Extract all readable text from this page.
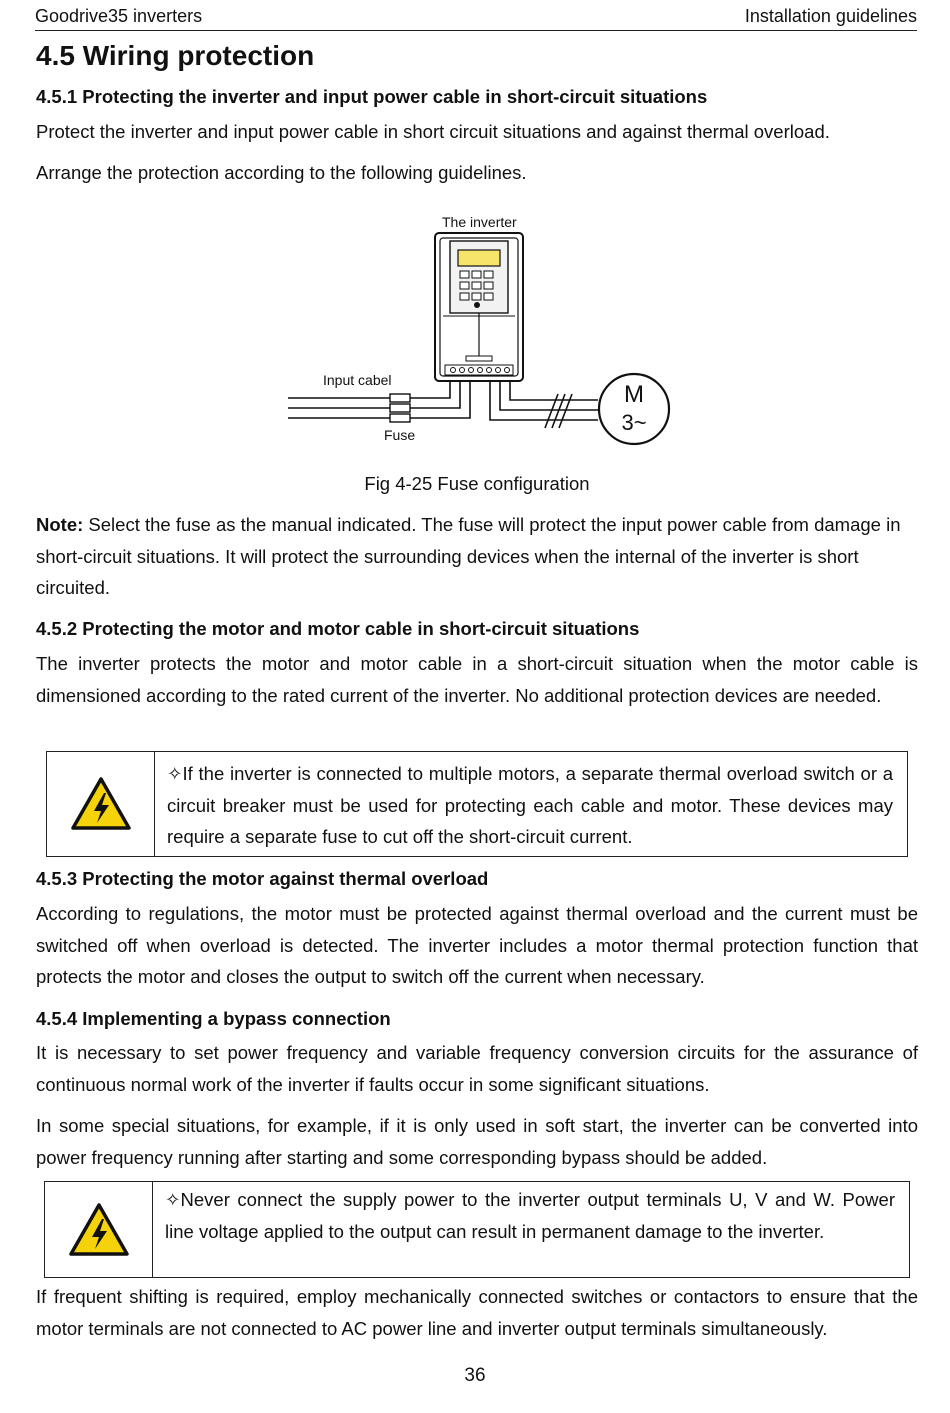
Goodrive35 inverters	Installation guidelines
4.5 Wiring protection
4.5.1 Protecting the inverter and input power cable in short-circuit situations
Protect the inverter and input power cable in short circuit situations and against thermal overload.
Arrange the protection according to the following guidelines.
The inverter
Input cabel
Fuse
M
3~
Fig 4-25 Fuse configuration
Note: Select the fuse as the manual indicated. The fuse will protect the input power cable from damage in short-circuit situations. It will protect the surrounding devices when the internal of the inverter is short circuited.
4.5.2 Protecting the motor and motor cable in short-circuit situations
The inverter protects the motor and motor cable in a short-circuit situation when the motor cable is dimensioned according to the rated current of the inverter. No additional protection devices are needed.
✧If the inverter is connected to multiple motors, a separate thermal overload switch or a circuit breaker must be used for protecting each cable and motor. These devices may require a separate fuse to cut off the short-circuit current.
4.5.3 Protecting the motor against thermal overload
According to regulations, the motor must be protected against thermal overload and the current must be switched off when overload is detected. The inverter includes a motor thermal protection function that protects the motor and closes the output to switch off the current when necessary.
4.5.4 Implementing a bypass connection
It is necessary to set power frequency and variable frequency conversion circuits for the assurance of continuous normal work of the inverter if faults occur in some significant situations.
In some special situations, for example, if it is only used in soft start, the inverter can be converted into power frequency running after starting and some corresponding bypass should be added.
✧Never connect the supply power to the inverter output terminals U, V and W. Power line voltage applied to the output can result in permanent damage to the inverter.
If frequent shifting is required, employ mechanically connected switches or contactors to ensure that the motor terminals are not connected to AC power line and inverter output terminals simultaneously.
36
